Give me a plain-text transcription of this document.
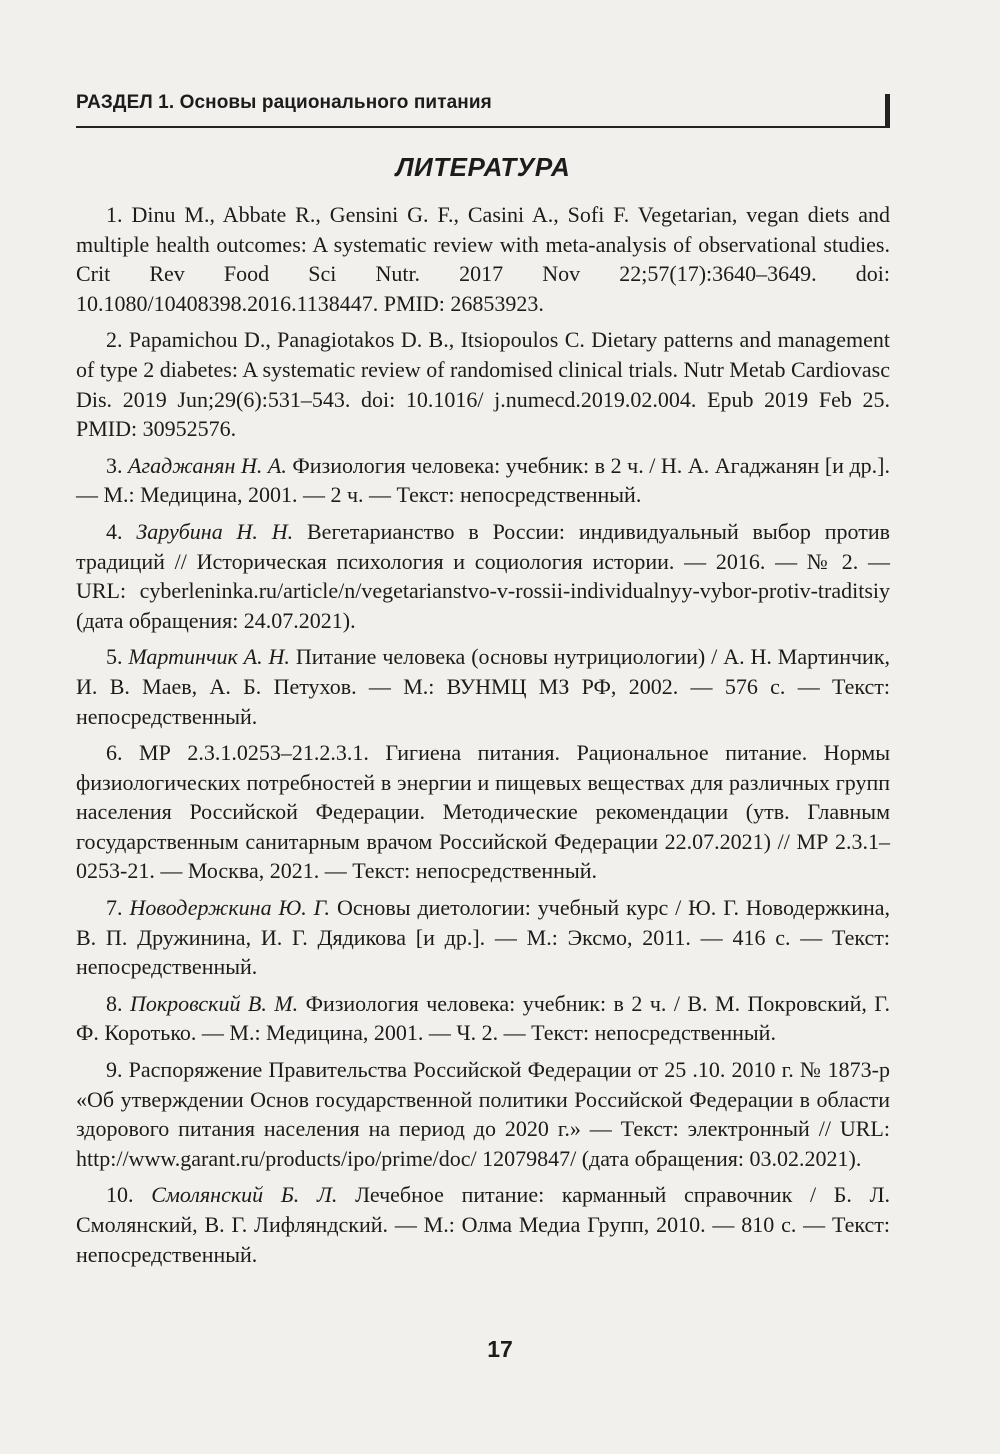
РАЗДЕЛ 1. Основы рационального питания
ЛИТЕРАТУРА
1. Dinu M., Abbate R., Gensini G. F., Casini A., Sofi F. Vegetarian, vegan diets and multiple health outcomes: A systematic review with meta-analysis of observational studies. Crit Rev Food Sci Nutr. 2017 Nov 22;57(17):3640–3649. doi: 10.1080/10408398.2016.1138447. PMID: 26853923.
2. Papamichou D., Panagiotakos D. B., Itsiopoulos C. Dietary patterns and management of type 2 diabetes: A systematic review of randomised clinical trials. Nutr Metab Cardiovasc Dis. 2019 Jun;29(6):531–543. doi: 10.1016/ j.numecd.2019.02.004. Epub 2019 Feb 25. PMID: 30952576.
3. Агаджанян Н. А. Физиология человека: учебник: в 2 ч. / Н. А. Агаджанян [и др.]. — М.: Медицина, 2001. — 2 ч. — Текст: непосредственный.
4. Зарубина Н. Н. Вегетарианство в России: индивидуальный выбор против традиций // Историческая психология и социология истории. — 2016. — № 2. — URL: cyberleninka.ru/article/n/vegetarianstvo-v-rossii-individualnyy-vybor-protiv-traditsiy (дата обращения: 24.07.2021).
5. Мартинчик А. Н. Питание человека (основы нутрициологии) / А. Н. Мартинчик, И. В. Маев, А. Б. Петухов. — М.: ВУНМЦ МЗ РФ, 2002. — 576 с. — Текст: непосредственный.
6. МР 2.3.1.0253–21.2.3.1. Гигиена питания. Рациональное питание. Нормы физиологических потребностей в энергии и пищевых веществах для различных групп населения Российской Федерации. Методические рекомендации (утв. Главным государственным санитарным врачом Российской Федерации 22.07.2021) // МР 2.3.1–0253-21. — Москва, 2021. — Текст: непосредственный.
7. Новодержкина Ю. Г. Основы диетологии: учебный курс / Ю. Г. Новодержкина, В. П. Дружинина, И. Г. Дядикова [и др.]. — М.: Эксмо, 2011. — 416 с. — Текст: непосредственный.
8. Покровский В. М. Физиология человека: учебник: в 2 ч. / В. М. Покровский, Г. Ф. Коротько. — М.: Медицина, 2001. — Ч. 2. — Текст: непосредственный.
9. Распоряжение Правительства Российской Федерации от 25 .10. 2010 г. № 1873-р «Об утверждении Основ государственной политики Российской Федерации в области здорового питания населения на период до 2020 г.» — Текст: электронный // URL: http://www.garant.ru/products/ipo/prime/doc/ 12079847/ (дата обращения: 03.02.2021).
10. Смолянский Б. Л. Лечебное питание: карманный справочник / Б. Л. Смолянский, В. Г. Лифляндский. — М.: Олма Медиа Групп, 2010. — 810 с. — Текст: непосредственный.
17
